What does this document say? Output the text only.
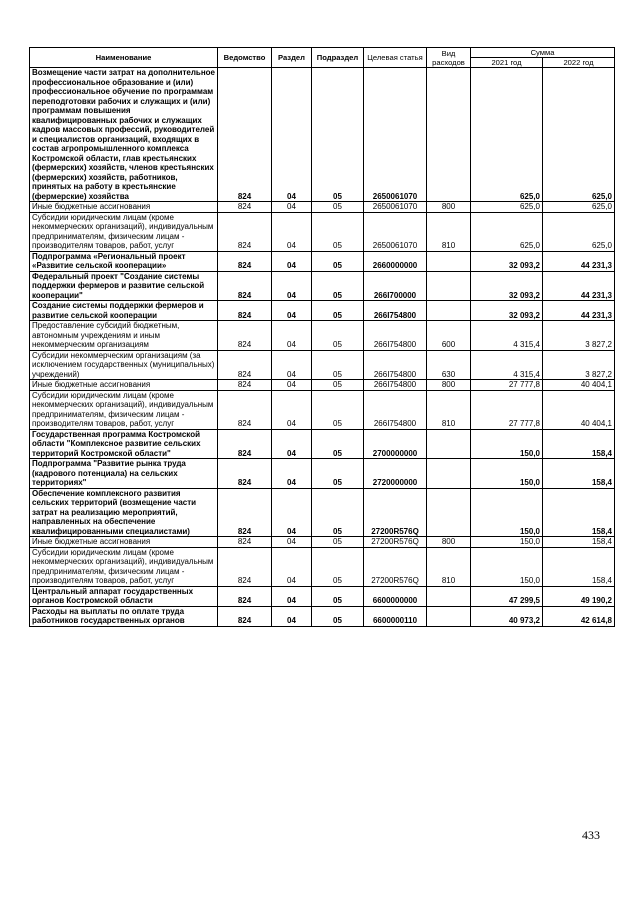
Наименование	Ведомство	Раздел	Подраздел	Целевая статья	Вид расходов	Сумма	
						2021 год	2022 год
Возмещение части затрат на дополнительное профессиональное образование и (или) профессиональное обучение по программам переподготовки рабочих и служащих и (или) программам повышения квалифицированных рабочих и служащих кадров массовых профессий, руководителей и специалистов организаций, входящих в состав агропромышленного комплекса Костромской области, глав крестьянских (фермерских) хозяйств, членов крестьянских (фермерских) хозяйств, работников, принятых на работу в крестьянские (фермерские) хозяйства	824	04	05	2650061070		625,0	625,0
Иные бюджетные ассигнования	824	04	05	2650061070	800	625,0	625,0
Субсидии юридическим лицам (кроме некоммерческих организаций), индивидуальным предпринимателям, физическим лицам - производителям товаров, работ, услуг	824	04	05	2650061070	810	625,0	625,0
Подпрограмма «Региональный проект «Развитие сельской кооперации»	824	04	05	2660000000		32 093,2	44 231,3
Федеральный проект "Создание системы поддержки фермеров и развитие сельской кооперации"	824	04	05	266I700000		32 093,2	44 231,3
Создание системы поддержки фермеров и развитие сельской кооперации	824	04	05	266I754800		32 093,2	44 231,3
Предоставление субсидий бюджетным, автономным учреждениям и иным некоммерческим организациям	824	04	05	266I754800	600	4 315,4	3 827,2
Субсидии некоммерческим организациям (за исключением государственных (муниципальных) учреждений)	824	04	05	266I754800	630	4 315,4	3 827,2
Иные бюджетные ассигнования	824	04	05	266I754800	800	27 777,8	40 404,1
Субсидии юридическим лицам (кроме некоммерческих организаций), индивидуальным предпринимателям, физическим лицам - производителям товаров, работ, услуг	824	04	05	266I754800	810	27 777,8	40 404,1
Государственная программа Костромской области "Комплексное развитие сельских территорий Костромской области"	824	04	05	2700000000		150,0	158,4
Подпрограмма "Развитие рынка труда (кадрового потенциала) на сельских территориях"	824	04	05	2720000000		150,0	158,4
Обеспечение комплексного развития сельских территорий (возмещение части затрат на реализацию мероприятий, направленных на обеспечение квалифицированными специалистами)	824	04	05	27200R576Q		150,0	158,4
Иные бюджетные ассигнования	824	04	05	27200R576Q	800	150,0	158,4
Субсидии юридическим лицам (кроме некоммерческих организаций), индивидуальным предпринимателям, физическим лицам - производителям товаров, работ, услуг	824	04	05	27200R576Q	810	150,0	158,4
Центральный аппарат государственных органов Костромской области	824	04	05	6600000000		47 299,5	49 190,2
Расходы на выплаты по оплате труда работников государственных органов	824	04	05	6600000110		40 973,2	42 614,8
433
